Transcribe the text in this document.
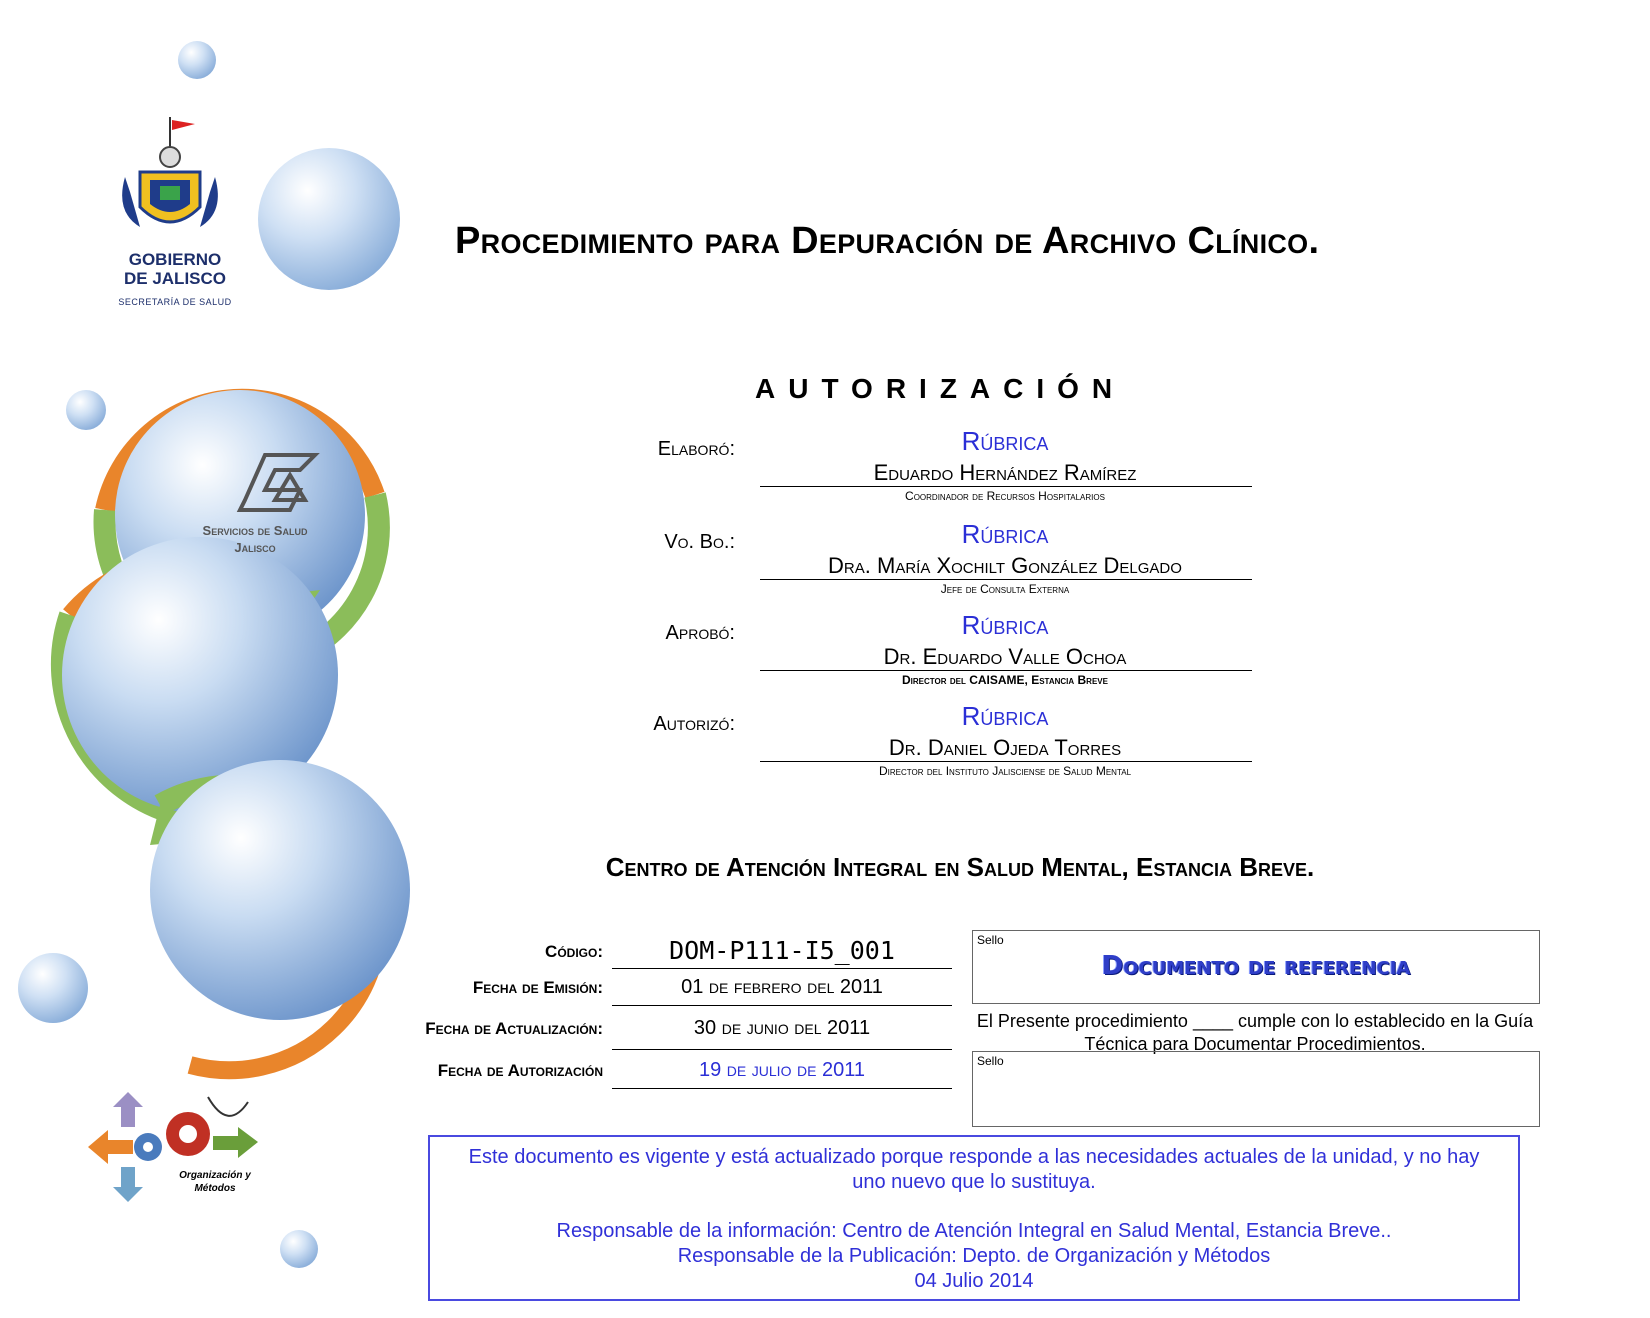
Servicios de Salud
Jalisco
GOBIERNO
DE JALISCO
SECRETARÍA DE SALUD
Organización y
Métodos
Procedimiento para Depuración de Archivo Clínico.
AUTORIZACIÓN
Elaboró:	Rúbrica
Eduardo Hernández Ramírez
Coordinador de Recursos Hospitalarios
Vo. Bo.:	Rúbrica
Dra. María Xochilt González Delgado
Jefe de Consulta Externa
Aprobó:	Rúbrica
Dr. Eduardo Valle Ochoa
Director del CAISAME, Estancia Breve
Autorizó:	Rúbrica
Dr. Daniel Ojeda Torres
Director del Instituto Jalisciense de Salud Mental
Centro de Atención Integral en Salud Mental, Estancia Breve.
Código:	DOM-P111-I5_001
Fecha de Emisión:	01 de febrero del 2011
Fecha de Actualización:	30 de junio del 2011
Fecha de Autorización	19 de julio de 2011
Sello
Documento de referencia
El Presente procedimiento ____ cumple con lo establecido en la Guía Técnica para Documentar Procedimientos.
Sello

Este documento es vigente y está actualizado porque responde a las necesidades actuales de la unidad, y no hay uno nuevo que lo sustituya.

Responsable de la información: Centro de Atención Integral en Salud Mental, Estancia Breve..

Responsable de la Publicación: Depto. de Organización y Métodos

04 Julio 2014
